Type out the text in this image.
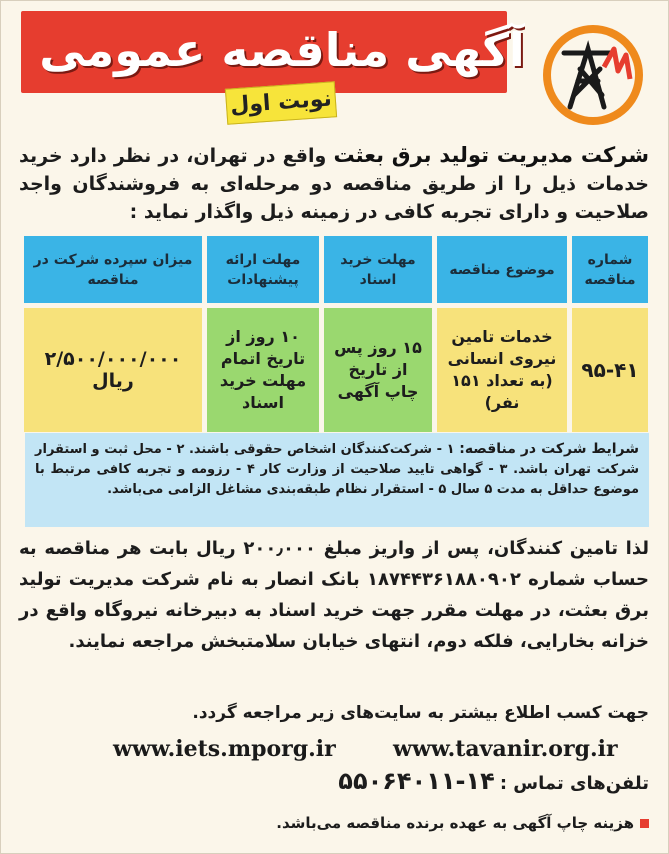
آگهی مناقصه عمومی
نوبت اول
شرکت مدیریت تولید برق بعثت واقع در تهران، در نظر دارد خرید خدمات ذیل را از طریق مناقصه دو مرحله‌ای به فروشندگان واجد صلاحیت و دارای تجربه کافی در زمینه ذیل واگذار نماید :
شماره مناقصه	موضوع مناقصه	مهلت خرید اسناد	مهلت ارائه پیشنهادات	میزان سپرده شرکت در مناقصه
۹۵-۴۱	خدمات تامین نیروی انسانی (به تعداد ۱۵۱ نفر)	۱۵ روز پس از تاریخ چاپ آگهی	۱۰ روز از تاریخ اتمام مهلت خرید اسناد	۲/۵۰۰/۰۰۰/۰۰۰ ریال
شرایط شرکت در مناقصه: ۱ - شرکت‌کنندگان اشخاص حقوقی باشند. ۲ - محل ثبت و استقرار شرکت تهران باشد. ۳ - گواهی تایید صلاحیت از وزارت کار ۴ - رزومه و تجربه کافی مرتبط با موضوع حداقل به مدت ۵ سال ۵ - استقرار نظام طبقه‌بندی مشاغل الزامی می‌باشد.
لذا تامین کنندگان، پس از واریز مبلغ ۲۰۰٫۰۰۰ ریال بابت هر مناقصه به حساب شماره ۱۸۷۴۴۳۶۱۸۸۰۹۰۲ بانک انصار به نام شرکت مدیریت تولید برق بعثت، در مهلت مقرر جهت خرید اسناد به دبیرخانه نیروگاه واقع در خزانه بخارایی، فلکه دوم، انتهای خیابان سلامتبخش مراجعه نمایند.
جهت کسب اطلاع بیشتر به سایت‌های زیر مراجعه گردد.
www.tavanir.org.ir
www.iets.mporg.ir
تلفن‌های تماس : ۱۴-۵۵۰۶۴۰۱۱
هزینه چاپ آگهی به عهده برنده مناقصه می‌باشد.
